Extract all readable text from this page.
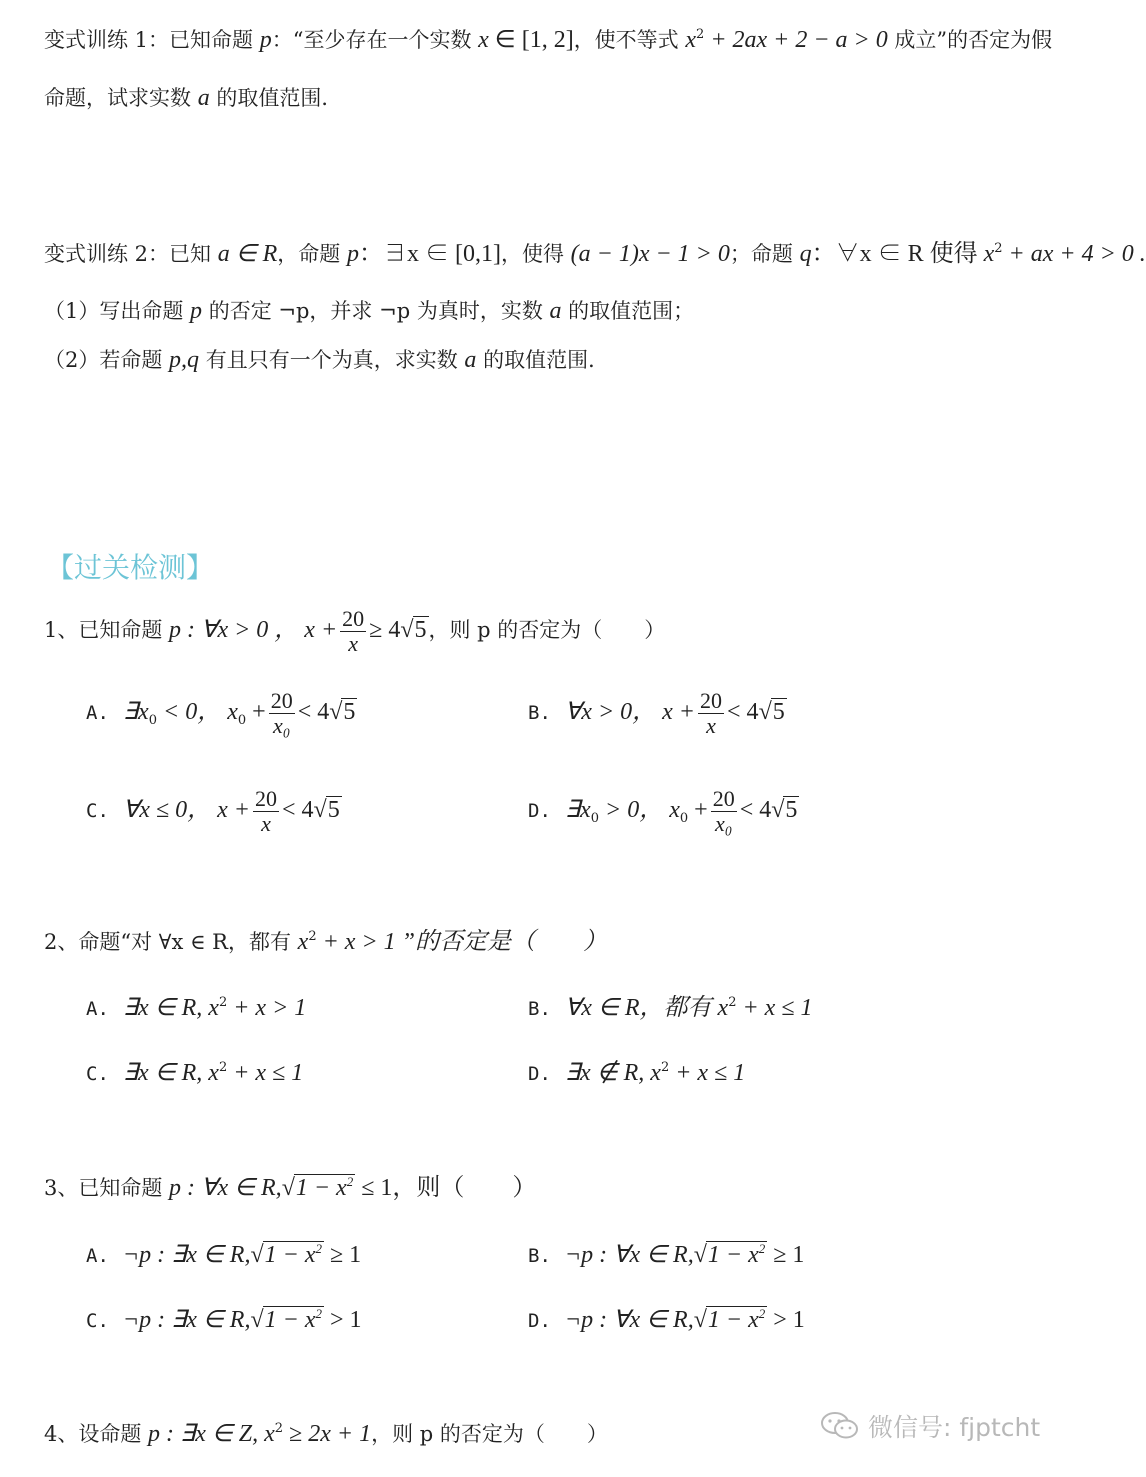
变式训练 1：已知命题 p：“至少存在一个实数 x ∈ [1, 2]，使不等式 $x^2 + 2ax + 2 - a > 0$ 成立”的否定为假
命题，试求实数 a 的取值范围．
变式训练 2：已知 a ∈ R，命题 p：∃x ∈ [0,1]，使得 (a − 1)x − 1 > 0；命题 q：∀x ∈ R 使得 $x^2$ + ax + 4 > 0 .
（1）写出命题 p 的否定 ¬p，并求 ¬p 为真时，实数 a 的取值范围；
（2）若命题 p,q 有且只有一个为真，求实数 a 的取值范围．
【过关检测】
1、已知命题 p : ∀x > 0 ， $x + \frac{20}{x} \ge 4√5$，则 p 的否定为（　　）
A. $\exists x_0 < 0$， $x_0 + \frac{20}{\text{x₀}} < 4√5$	B. ∀x > 0， $x + \frac{20}{x} < 4√5$
C. ∀x ≤ 0， $x + \frac{20}{x} < 4√5$	D. $\exists x_0 > 0$， $x_0 + \frac{20}{\text{x₀}} < 4√5$
2、命题“对 ∀x ∈ R，都有 $x^2 + x > 1$ ”的否定是（　　）
A. ∃x ∈ R, $x^2 + x > 1$	B. ∀x ∈ R，都有 $x^2 + x \le 1$
C. ∃x ∈ R, $x^2 + x \le 1$	D. ∃x ∉ R, $x^2 + x \le 1$
3、已知命题 p : ∀x ∈ $R,√1 - x^2 \le 1$，则（　　）
A. ¬p : ∃x ∈ $R,√1 - x^2 \ge 1$	B. ¬p : ∀x ∈ $R,√1 - x^2 \ge 1$
C. ¬p : ∃x ∈ $R,√1 - x^2 > 1$	D. ¬p : ∀x ∈ $R,√1 - x^2 > 1$
4、设命题 p : ∃x ∈ Z, $x^2 \ge 2x + 1$，则 p 的否定为（　　）	微信号: fjptcht
